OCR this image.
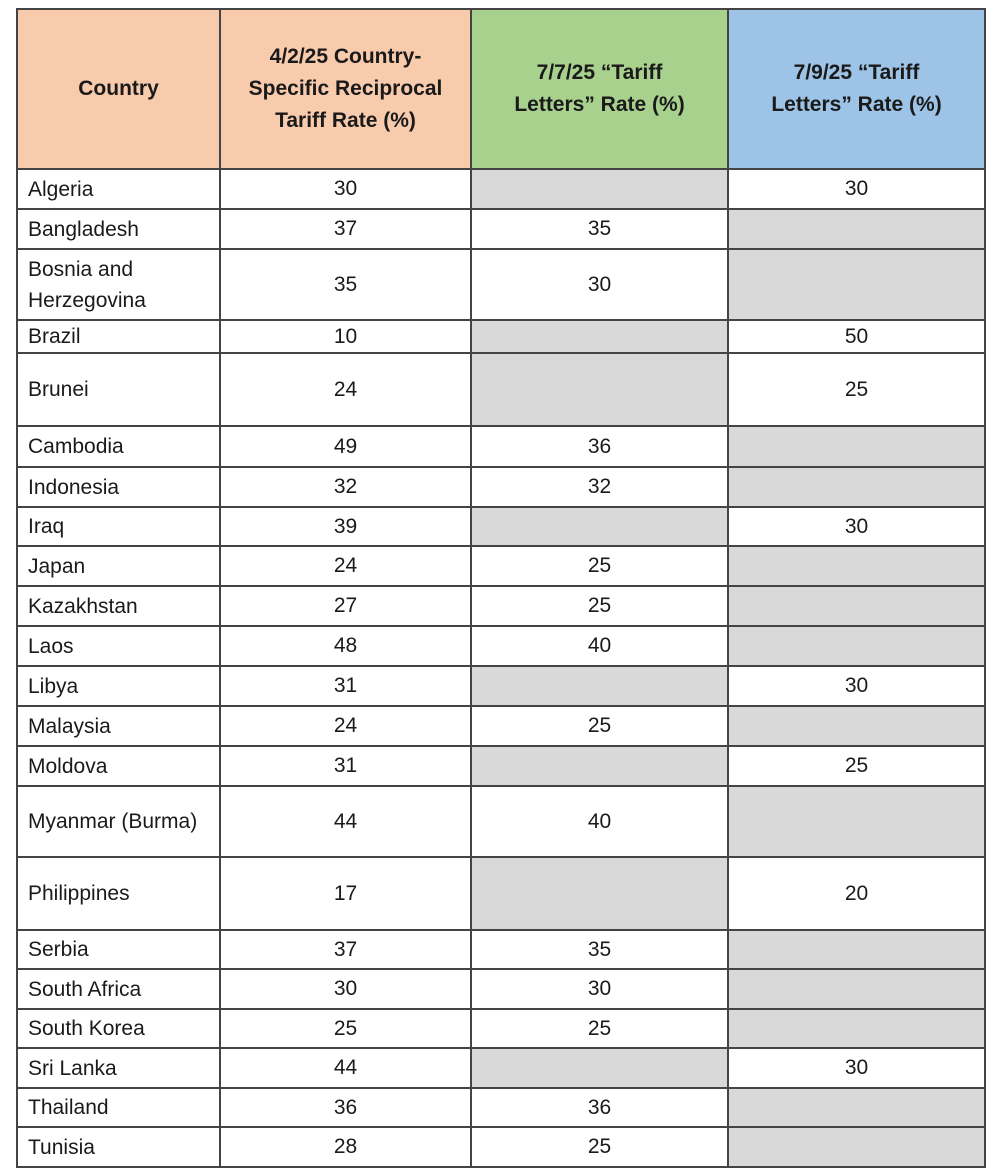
Country	4/2/25 Country-Specific Reciprocal Tariff Rate (%)	7/7/25 “Tariff Letters” Rate (%)	7/9/25 “Tariff Letters” Rate (%)
Algeria	30		30
Bangladesh	37	35	
Bosnia and Herzegovina	35	30	
Brazil	10		50
Brunei	24		25
Cambodia	49	36	
Indonesia	32	32	
Iraq	39		30
Japan	24	25	
Kazakhstan	27	25	
Laos	48	40	
Libya	31		30
Malaysia	24	25	
Moldova	31		25
Myanmar (Burma)	44	40	
Philippines	17		20
Serbia	37	35	
South Africa	30	30	
South Korea	25	25	
Sri Lanka	44		30
Thailand	36	36	
Tunisia	28	25	
